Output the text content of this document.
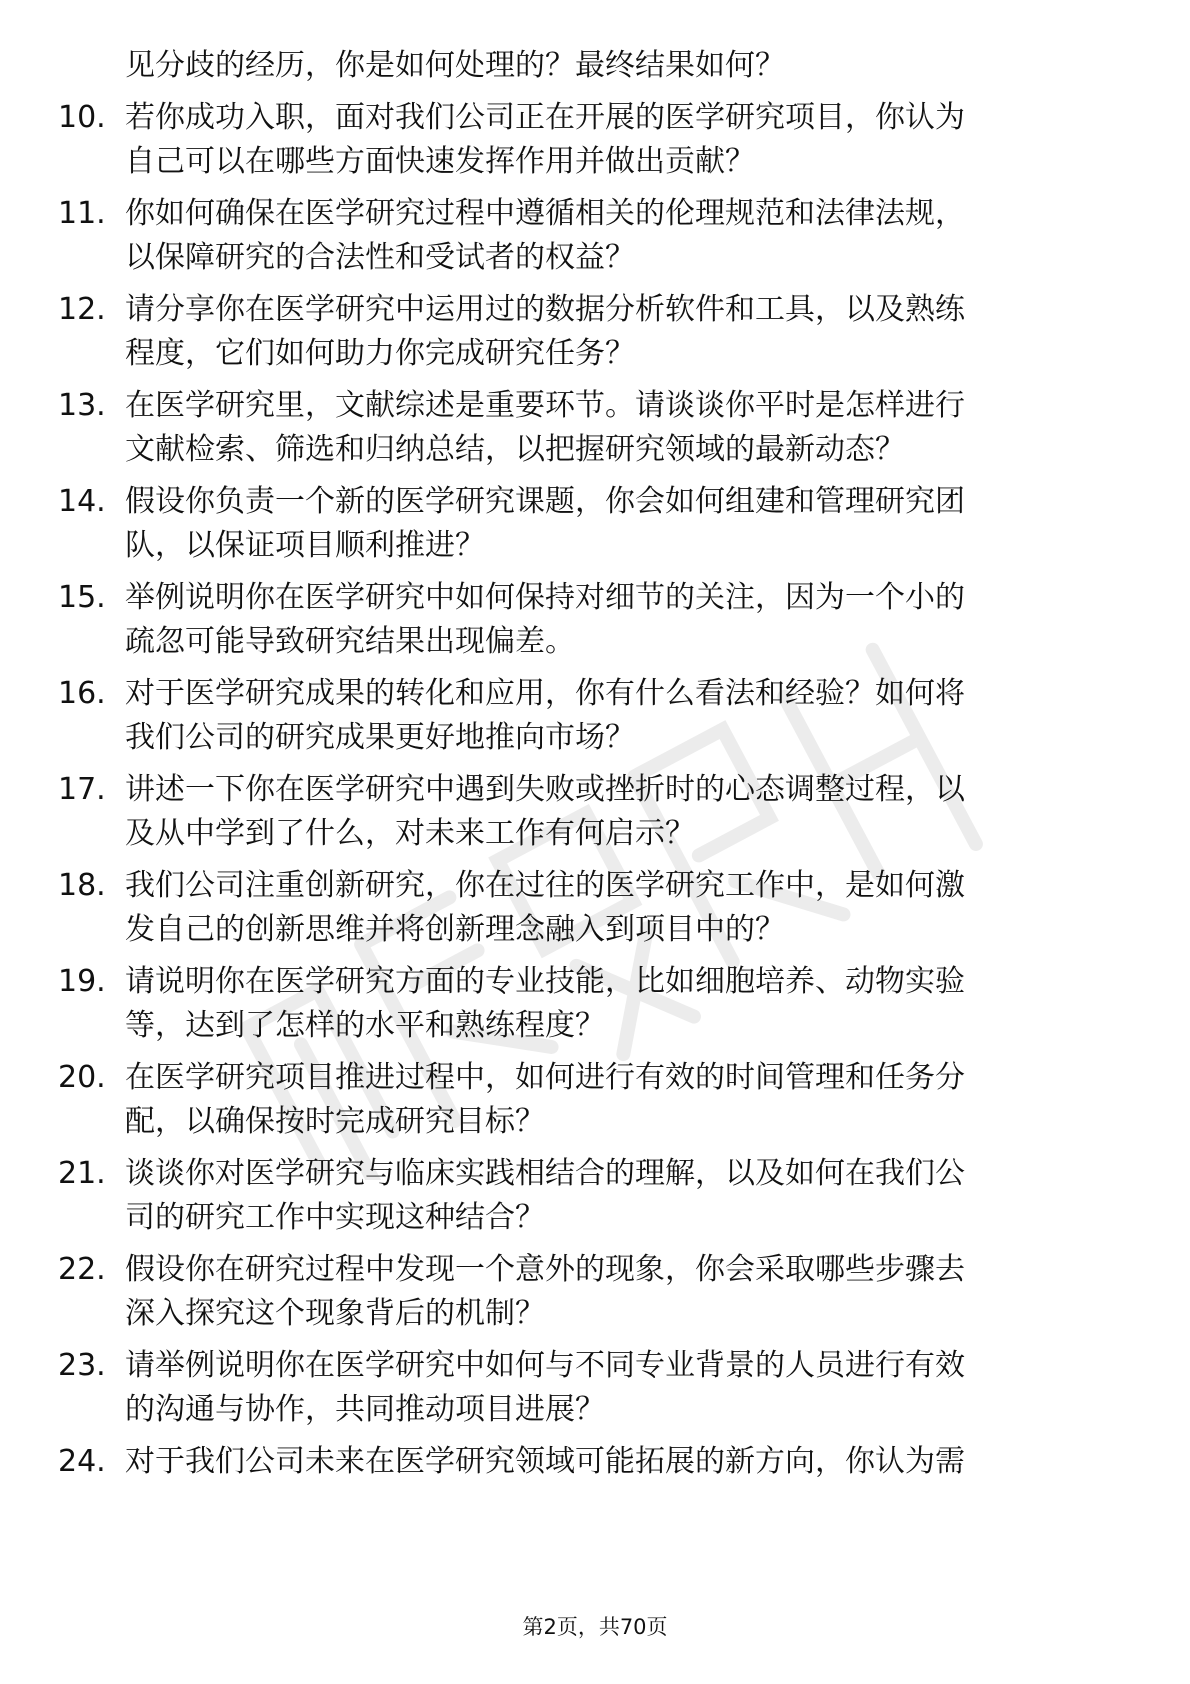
见分歧的经历，你是如何处理的？最终结果如何？
10. 若你成功入职，面对我们公司正在开展的医学研究项目，你认为
自己可以在哪些方面快速发挥作用并做出贡献？
11. 你如何确保在医学研究过程中遵循相关的伦理规范和法律法规，
以保障研究的合法性和受试者的权益？
12. 请分享你在医学研究中运用过的数据分析软件和工具，以及熟练
程度，它们如何助力你完成研究任务？
13. 在医学研究里，文献综述是重要环节。请谈谈你平时是怎样进行
文献检索、筛选和归纳总结，以把握研究领域的最新动态？
14. 假设你负责一个新的医学研究课题，你会如何组建和管理研究团
队，以保证项目顺利推进？
15. 举例说明你在医学研究中如何保持对细节的关注，因为一个小的
疏忽可能导致研究结果出现偏差。
16. 对于医学研究成果的转化和应用，你有什么看法和经验？如何将
我们公司的研究成果更好地推向市场？
17. 讲述一下你在医学研究中遇到失败或挫折时的心态调整过程，以
及从中学到了什么，对未来工作有何启示？
18. 我们公司注重创新研究，你在过往的医学研究工作中，是如何激
发自己的创新思维并将创新理念融入到项目中的？
19. 请说明你在医学研究方面的专业技能，比如细胞培养、动物实验
等，达到了怎样的水平和熟练程度？
20. 在医学研究项目推进过程中，如何进行有效的时间管理和任务分
配，以确保按时完成研究目标？
21. 谈谈你对医学研究与临床实践相结合的理解，以及如何在我们公
司的研究工作中实现这种结合？
22. 假设你在研究过程中发现一个意外的现象，你会采取哪些步骤去
深入探究这个现象背后的机制？
23. 请举例说明你在医学研究中如何与不同专业背景的人员进行有效
的沟通与协作，共同推动项目进展？
24. 对于我们公司未来在医学研究领域可能拓展的新方向，你认为需
第2页，共70页
